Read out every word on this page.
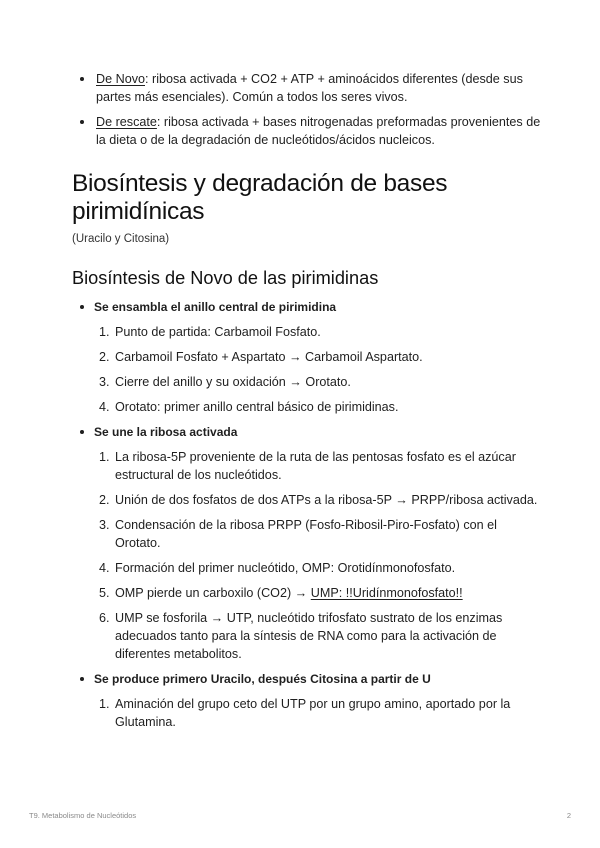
De Novo: ribosa activada + CO2 + ATP + aminoácidos diferentes (desde sus partes más esenciales). Común a todos los seres vivos.
De rescate: ribosa activada + bases nitrogenadas preformadas provenientes de la dieta o de la degradación de nucleótidos/ácidos nucleicos.
Biosíntesis y degradación de bases pirimidínicas
(Uracilo y Citosina)
Biosíntesis de Novo de las pirimidinas
Se ensambla el anillo central de pirimidina
1. Punto de partida: Carbamoil Fosfato.
2. Carbamoil Fosfato + Aspartato → Carbamoil Aspartato.
3. Cierre del anillo y su oxidación → Orotato.
4. Orotato: primer anillo central básico de pirimidinas.
Se une la ribosa activada
1. La ribosa-5P proveniente de la ruta de las pentosas fosfato es el azúcar estructural de los nucleótidos.
2. Unión de dos fosfatos de dos ATPs a la ribosa-5P → PRPP/ribosa activada.
3. Condensación de la ribosa PRPP (Fosfo-Ribosil-Piro-Fosfato) con el Orotato.
4. Formación del primer nucleótido, OMP: Orotidínmonofosfato.
5. OMP pierde un carboxilo (CO2) → UMP: !!Uridínmonofosfato!!
6. UMP se fosforila → UTP, nucleótido trifosfato sustrato de los enzimas adecuados tanto para la síntesis de RNA como para la activación de diferentes metabolitos.
Se produce primero Uracilo, después Citosina a partir de U
1. Aminación del grupo ceto del UTP por un grupo amino, aportado por la Glutamina.
T9. Metabolismo de Nucleótidos	2
